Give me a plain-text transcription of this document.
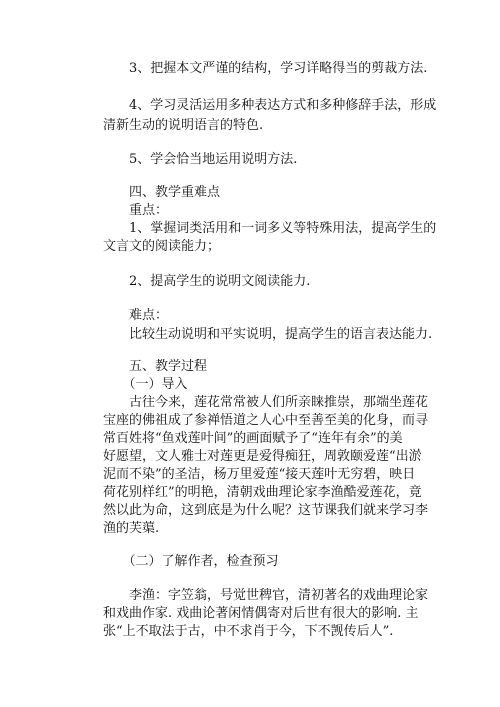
　　3、把握本文严谨的结构，学习详略得当的剪裁方法.
　　4、学习灵活运用多种表达方式和多种修辞手法，形成
清新生动的说明语言的特色.
　　5、学会恰当地运用说明方法.
　　四、教学重难点
　　重点：
　　1、掌握词类活用和一词多义等特殊用法，提高学生的
文言文的阅读能力；
　　2、提高学生的说明文阅读能力.
　　难点：
　　比较生动说明和平实说明，提高学生的语言表达能力.
　　五、教学过程
　　（一）导入
　　古往今来，莲花常常被人们所亲睐推崇，那端坐莲花
宝座的佛祖成了参禅悟道之人心中至善至美的化身，而寻
常百姓将“鱼戏莲叶间”的画面赋予了“连年有余”的美
好愿望，文人雅士对莲更是爱得痴狂，周敦颐爱莲“出淤
泥而不染”的圣洁，杨万里爱莲“接天莲叶无穷碧，映日
荷花别样红”的明艳，清朝戏曲理论家李渔酷爱莲花，竟
然以此为命，这到底是为什么呢？这节课我们就来学习李
渔的芙蕖.
　　（二）了解作者，检查预习
　　李渔：字笠翁，号觉世稗官，清初著名的戏曲理论家
和戏曲作家. 戏曲论著闲情偶寄对后世有很大的影响. 主
张“上不取法于古，中不求肖于今，下不觊传后人”.
